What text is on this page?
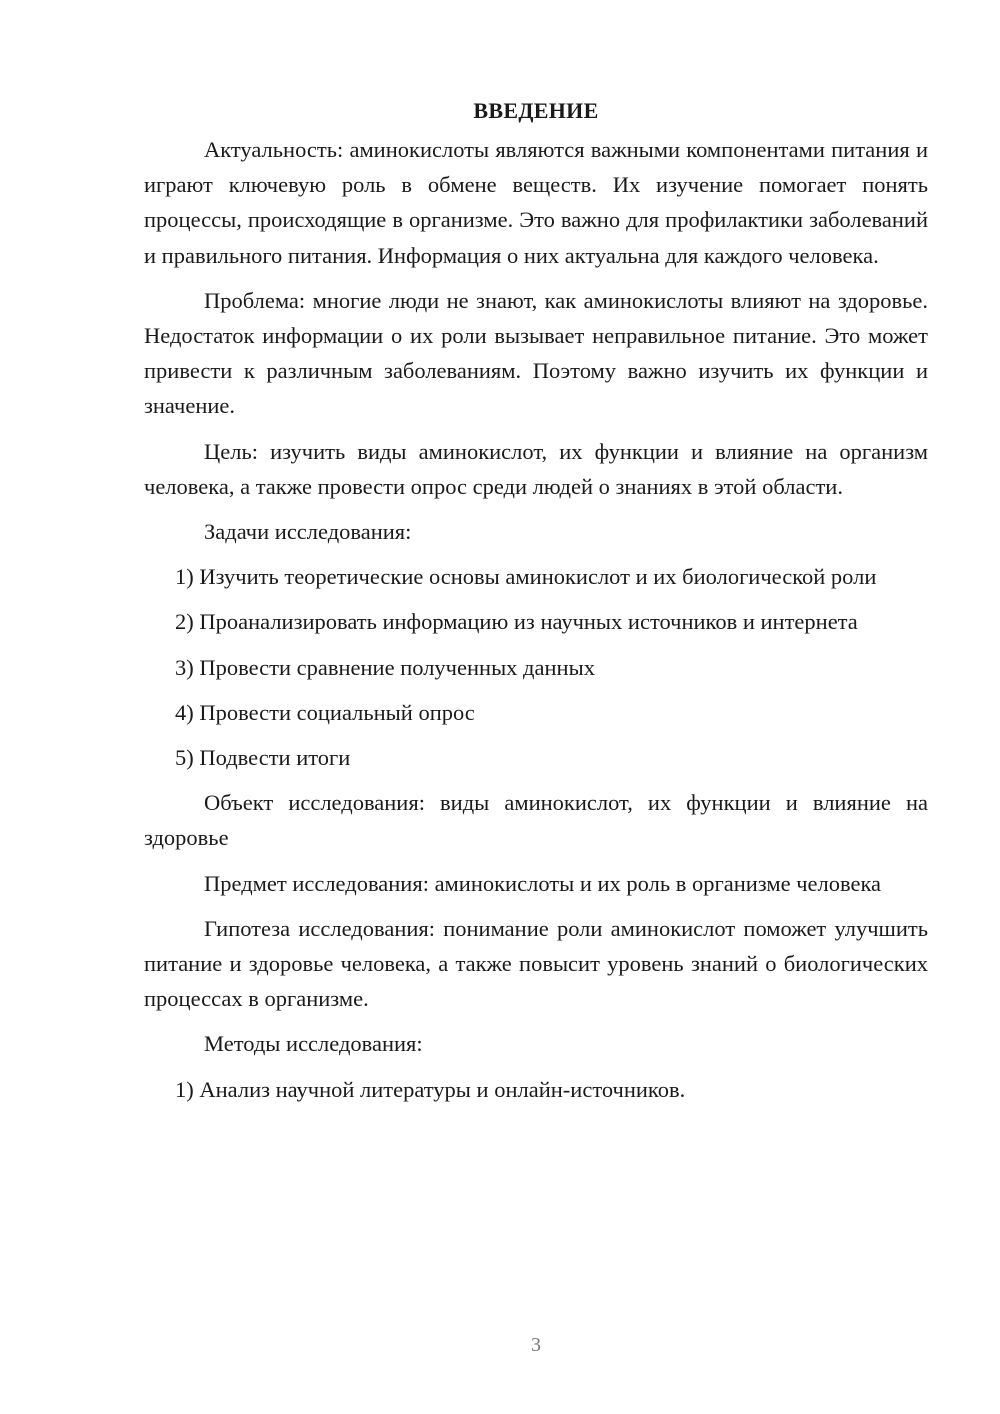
ВВЕДЕНИЕ

Актуальность: аминокислоты являются важными компонентами питания и играют ключевую роль в обмене веществ. Их изучение помогает понять процессы, происходящие в организме. Это важно для профилактики заболеваний и правильного питания. Информация о них актуальна для каждого человека.

Проблема: многие люди не знают, как аминокислоты влияют на здоровье. Недостаток информации о их роли вызывает неправильное питание. Это может привести к различным заболеваниям. Поэтому важно изучить их функции и значение.

Цель: изучить виды аминокислот, их функции и влияние на организм человека, а также провести опрос среди людей о знаниях в этой области.

Задачи исследования:

1) Изучить теоретические основы аминокислот и их биологической роли

2) Проанализировать информацию из научных источников и интернета

3) Провести сравнение полученных данных

4) Провести социальный опрос

5) Подвести итоги

Объект исследования: виды аминокислот, их функции и влияние на здоровье

Предмет исследования: аминокислоты и их роль в организме человека

Гипотеза исследования: понимание роли аминокислот поможет улучшить питание и здоровье человека, а также повысит уровень знаний о биологических процессах в организме.

Методы исследования:

1) Анализ научной литературы и онлайн-источников.

3
